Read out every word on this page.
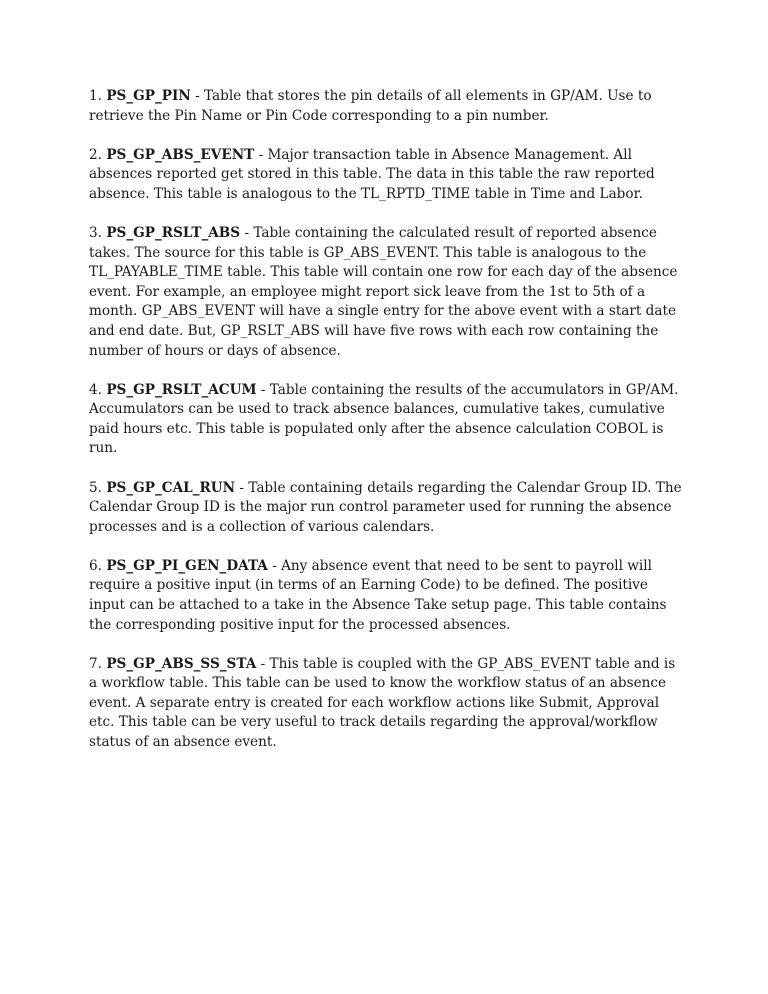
1. PS_GP_PIN - Table that stores the pin details of all elements in GP/AM. Use to retrieve the Pin Name or Pin Code corresponding to a pin number.

2. PS_GP_ABS_EVENT - Major transaction table in Absence Management. All absences reported get stored in this table. The data in this table the raw reported absence. This table is analogous to the TL_RPTD_TIME table in Time and Labor.

3. PS_GP_RSLT_ABS - Table containing the calculated result of reported absence takes. The source for this table is GP_ABS_EVENT. This table is analogous to the TL_PAYABLE_TIME table. This table will contain one row for each day of the absence event. For example, an employee might report sick leave from the 1st to 5th of a month. GP_ABS_EVENT will have a single entry for the above event with a start date and end date. But, GP_RSLT_ABS will have five rows with each row containing the number of hours or days of absence.

4. PS_GP_RSLT_ACUM - Table containing the results of the accumulators in GP/AM. Accumulators can be used to track absence balances, cumulative takes, cumulative paid hours etc. This table is populated only after the absence calculation COBOL is run.

5. PS_GP_CAL_RUN - Table containing details regarding the Calendar Group ID. The Calendar Group ID is the major run control parameter used for running the absence processes and is a collection of various calendars.

6. PS_GP_PI_GEN_DATA - Any absence event that need to be sent to payroll will require a positive input (in terms of an Earning Code) to be defined. The positive input can be attached to a take in the Absence Take setup page. This table contains the corresponding positive input for the processed absences.

7. PS_GP_ABS_SS_STA - This table is coupled with the GP_ABS_EVENT table and is a workflow table. This table can be used to know the workflow status of an absence event. A separate entry is created for each workflow actions like Submit, Approval etc. This table can be very useful to track details regarding the approval/workflow status of an absence event.
